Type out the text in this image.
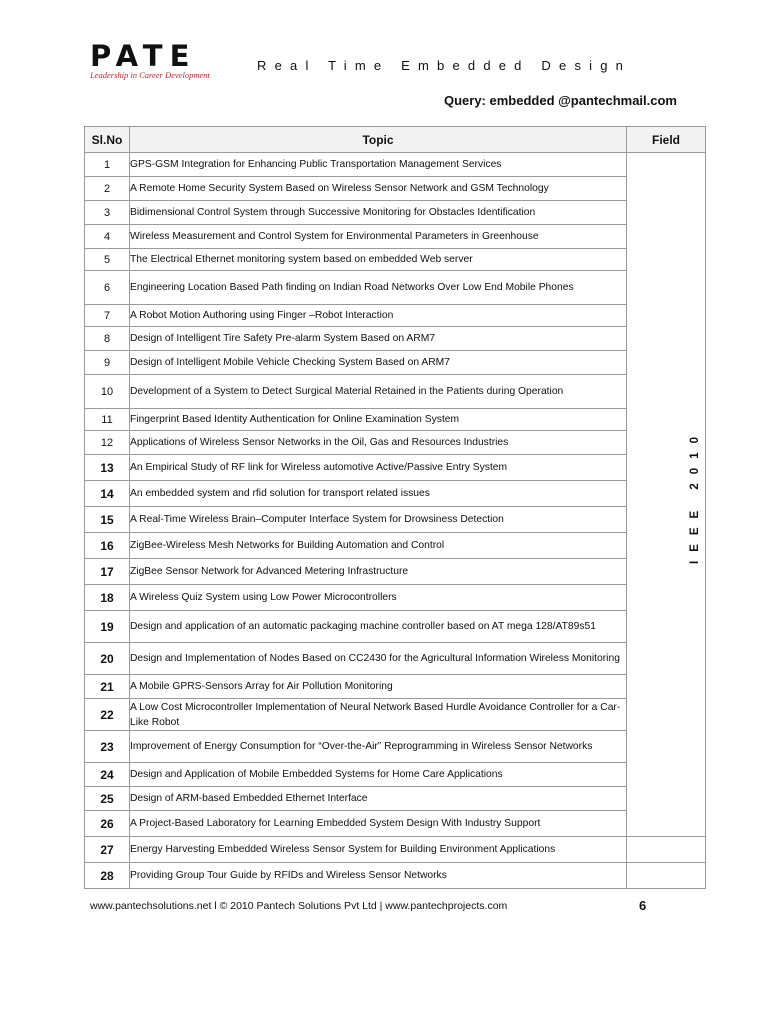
PATE
Leadership in Career Development
Real Time Embedded Design
Query: embedded @pantechmail.com
Sl.No	Topic	Field
1	GPS-GSM Integration for Enhancing Public Transportation Management Services	IEEE 2010
2	A Remote Home Security System Based on Wireless Sensor Network and GSM Technology	
3	Bidimensional Control System through Successive Monitoring for Obstacles Identification	
4	Wireless Measurement and Control System for Environmental Parameters in Greenhouse	
5	The Electrical Ethernet monitoring system based on embedded Web server	
6	Engineering Location Based Path finding on Indian Road Networks Over Low End Mobile Phones	
7	A Robot Motion Authoring using Finger –Robot Interaction	
8	Design of Intelligent Tire Safety Pre-alarm System Based on ARM7	
9	Design of Intelligent Mobile Vehicle Checking System Based on ARM7	
10	Development of a System to Detect Surgical Material Retained in the Patients during Operation	
11	Fingerprint Based Identity Authentication for Online Examination System	
12	Applications of Wireless Sensor Networks in the Oil, Gas and Resources Industries	
13	An Empirical Study of RF link for Wireless automotive Active/Passive Entry System	
14	An embedded system and rfid solution for transport related issues	
15	A Real-Time Wireless Brain–Computer Interface System for Drowsiness Detection	
16	ZigBee-Wireless Mesh Networks for Building Automation and Control	
17	ZigBee Sensor Network for Advanced Metering Infrastructure	
18	A Wireless Quiz System using Low Power Microcontrollers	
19	Design and application of an automatic packaging machine controller based on AT mega 128/AT89s51	
20	Design and Implementation of Nodes Based on CC2430 for the Agricultural Information Wireless Monitoring	
21	A Mobile GPRS-Sensors Array for Air Pollution Monitoring	
22	A Low Cost Microcontroller Implementation of Neural Network Based Hurdle Avoidance Controller for a Car-Like Robot	
23	Improvement of Energy Consumption for “Over-the-Air” Reprogramming in Wireless Sensor Networks	
24	Design and Application of Mobile Embedded Systems for Home Care Applications	
25	Design of ARM-based Embedded Ethernet Interface	
26	A Project-Based Laboratory for Learning Embedded System Design With Industry Support	
27	Energy Harvesting Embedded Wireless Sensor System for Building Environment Applications	
28	Providing Group Tour Guide by RFIDs and Wireless Sensor Networks	
www.pantechsolutions.net l © 2010 Pantech Solutions Pvt Ltd | www.pantechprojects.com	6
